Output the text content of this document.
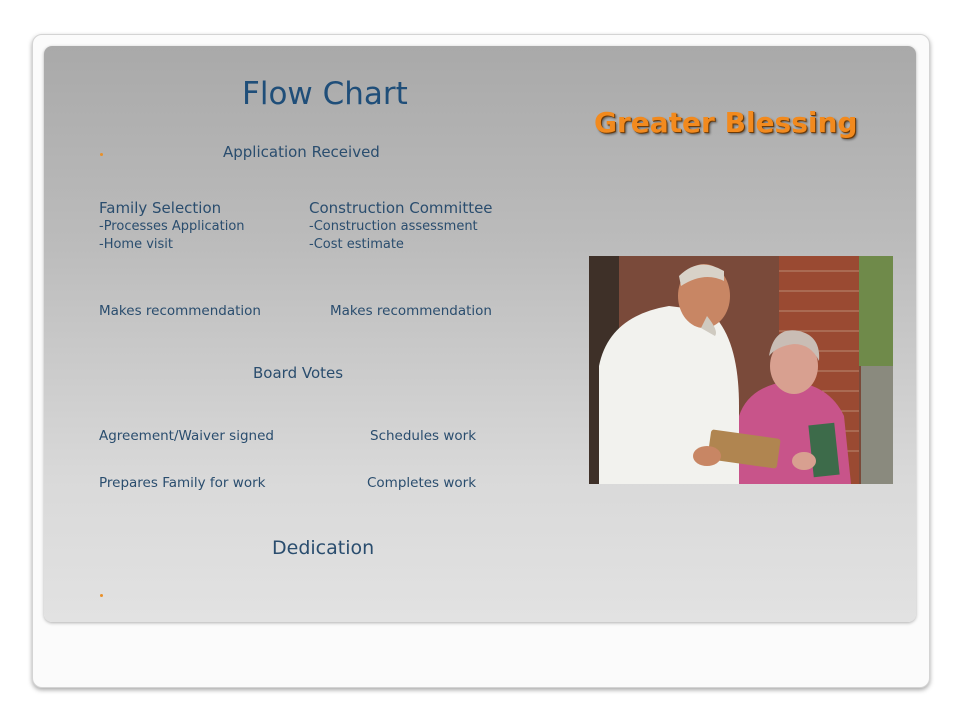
Flow Chart
Greater Blessing
Application Received
Family Selection
-Processes Application
-Home visit
Construction Committee
-Construction assessment
-Cost estimate
Makes recommendation	Makes recommendation
Board Votes
Agreement/Waiver signed	Schedules work
Prepares Family for work	Completes work
Dedication
